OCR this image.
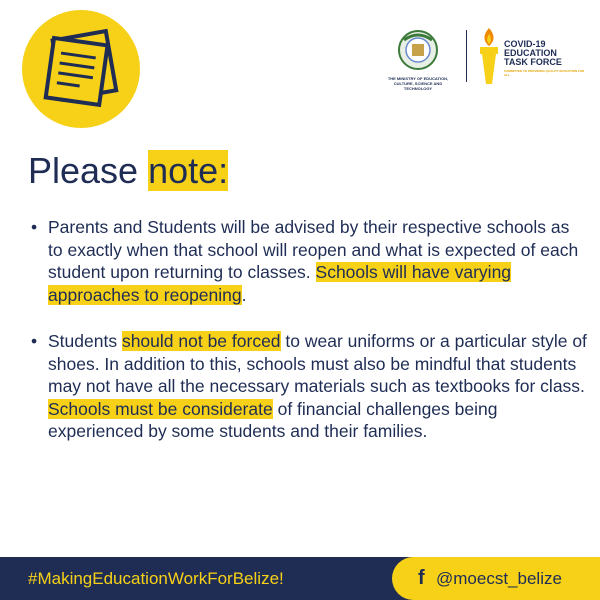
THE MINISTRY OF EDUCATION, CULTURE, SCIENCE AND TECHNOLOGY
COVID-19
EDUCATION
TASK FORCE
COMMITTED TO PROVIDING QUALITY EDUCATION FOR ALL
Please note:
• Parents and Students will be advised by their respective schools as to exactly when that school will reopen and what is expected of each student upon returning to classes. Schools will have varying approaches to reopening.
• Students should not be forced to wear uniforms or a particular style of shoes. In addition to this, schools must also be mindful that students may not have all the necessary materials such as textbooks for class. Schools must be considerate of financial challenges being experienced by some students and their families.
#MakingEducationWorkForBelize!	f @moecst_belize
